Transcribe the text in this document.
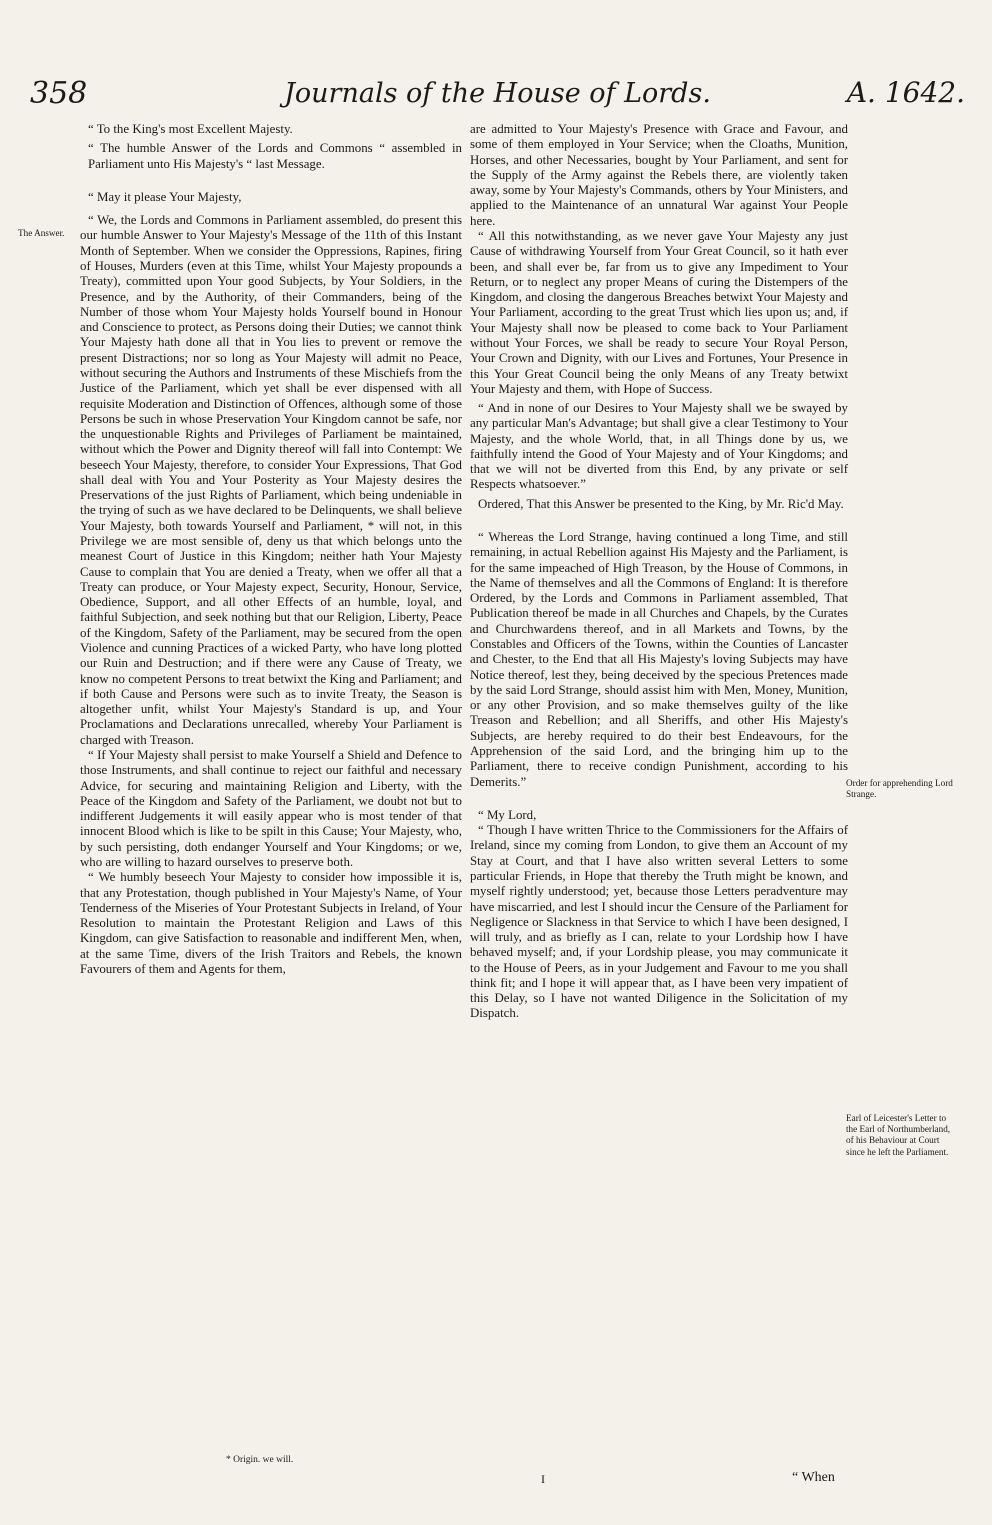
358	Journals of the House of Lords.	A. 1642.
The Answer.
Order for apprehending Lord Strange.
Earl of Leicester's Letter to the Earl of Northumberland, of his Behaviour at Court since he left the Parliament.

“ To the King's most Excellent Majesty.

“ The humble Answer of the Lords and Commons “ assembled in Parliament unto His Majesty's “ last Message.

“ May it please Your Majesty,

“ We, the Lords and Commons in Parliament assembled, do present this our humble Answer to Your Majesty's Message of the 11th of this Instant Month of September. When we consider the Oppressions, Rapines, firing of Houses, Murders (even at this Time, whilst Your Majesty propounds a Treaty), committed upon Your good Subjects, by Your Soldiers, in the Presence, and by the Authority, of their Commanders, being of the Number of those whom Your Majesty holds Yourself bound in Honour and Conscience to protect, as Persons doing their Duties; we cannot think Your Majesty hath done all that in You lies to prevent or remove the present Distractions; nor so long as Your Majesty will admit no Peace, without securing the Authors and Instruments of these Mischiefs from the Justice of the Parliament, which yet shall be ever dispensed with all requisite Moderation and Distinction of Offences, although some of those Persons be such in whose Preservation Your Kingdom cannot be safe, nor the unquestionable Rights and Privileges of Parliament be maintained, without which the Power and Dignity thereof will fall into Contempt: We beseech Your Majesty, therefore, to consider Your Expressions, That God shall deal with You and Your Posterity as Your Majesty desires the Preservations of the just Rights of Parliament, which being undeniable in the trying of such as we have declared to be Delinquents, we shall believe Your Majesty, both towards Yourself and Parliament, * will not, in this Privilege we are most sensible of, deny us that which belongs unto the meanest Court of Justice in this Kingdom; neither hath Your Majesty Cause to complain that You are denied a Treaty, when we offer all that a Treaty can produce, or Your Majesty expect, Security, Honour, Service, Obedience, Support, and all other Effects of an humble, loyal, and faithful Subjection, and seek nothing but that our Religion, Liberty, Peace of the Kingdom, Safety of the Parliament, may be secured from the open Violence and cunning Practices of a wicked Party, who have long plotted our Ruin and Destruction; and if there were any Cause of Treaty, we know no competent Persons to treat betwixt the King and Parliament; and if both Cause and Persons were such as to invite Treaty, the Season is altogether unfit, whilst Your Majesty's Standard is up, and Your Proclamations and Declarations unrecalled, whereby Your Parliament is charged with Treason.

“ If Your Majesty shall persist to make Yourself a Shield and Defence to those Instruments, and shall continue to reject our faithful and necessary Advice, for securing and maintaining Religion and Liberty, with the Peace of the Kingdom and Safety of the Parliament, we doubt not but to indifferent Judgements it will easily appear who is most tender of that innocent Blood which is like to be spilt in this Cause; Your Majesty, who, by such persisting, doth endanger Yourself and Your Kingdoms; or we, who are willing to hazard ourselves to preserve both.

“ We humbly beseech Your Majesty to consider how impossible it is, that any Protestation, though published in Your Majesty's Name, of Your Tenderness of the Miseries of Your Protestant Subjects in Ireland, of Your Resolution to maintain the Protestant Religion and Laws of this Kingdom, can give Satisfaction to reasonable and indifferent Men, when, at the same Time, divers of the Irish Traitors and Rebels, the known Favourers of them and Agents for them,

are admitted to Your Majesty's Presence with Grace and Favour, and some of them employed in Your Service; when the Cloaths, Munition, Horses, and other Necessaries, bought by Your Parliament, and sent for the Supply of the Army against the Rebels there, are violently taken away, some by Your Majesty's Commands, others by Your Ministers, and applied to the Maintenance of an unnatural War against Your People here.

“ All this notwithstanding, as we never gave Your Majesty any just Cause of withdrawing Yourself from Your Great Council, so it hath ever been, and shall ever be, far from us to give any Impediment to Your Return, or to neglect any proper Means of curing the Distempers of the Kingdom, and closing the dangerous Breaches betwixt Your Majesty and Your Parliament, according to the great Trust which lies upon us; and, if Your Majesty shall now be pleased to come back to Your Parliament without Your Forces, we shall be ready to secure Your Royal Person, Your Crown and Dignity, with our Lives and Fortunes, Your Presence in this Your Great Council being the only Means of any Treaty betwixt Your Majesty and them, with Hope of Success.

“ And in none of our Desires to Your Majesty shall we be swayed by any particular Man's Advantage; but shall give a clear Testimony to Your Majesty, and the whole World, that, in all Things done by us, we faithfully intend the Good of Your Majesty and of Your Kingdoms; and that we will not be diverted from this End, by any private or self Respects whatsoever.”

Ordered, That this Answer be presented to the King, by Mr. Ric'd May.

“ Whereas the Lord Strange, having continued a long Time, and still remaining, in actual Rebellion against His Majesty and the Parliament, is for the same impeached of High Treason, by the House of Commons, in the Name of themselves and all the Commons of England: It is therefore Ordered, by the Lords and Commons in Parliament assembled, That Publication thereof be made in all Churches and Chapels, by the Curates and Churchwardens thereof, and in all Markets and Towns, by the Constables and Officers of the Towns, within the Counties of Lancaster and Chester, to the End that all His Majesty's loving Subjects may have Notice thereof, lest they, being deceived by the specious Pretences made by the said Lord Strange, should assist him with Men, Money, Munition, or any other Provision, and so make themselves guilty of the like Treason and Rebellion; and all Sheriffs, and other His Majesty's Subjects, are hereby required to do their best Endeavours, for the Apprehension of the said Lord, and the bringing him up to the Parliament, there to receive condign Punishment, according to his Demerits.”

“ My Lord,

“ Though I have written Thrice to the Commissioners for the Affairs of Ireland, since my coming from London, to give them an Account of my Stay at Court, and that I have also written several Letters to some particular Friends, in Hope that thereby the Truth might be known, and myself rightly understood; yet, because those Letters peradventure may have miscarried, and lest I should incur the Censure of the Parliament for Negligence or Slackness in that Service to which I have been designed, I will truly, and as briefly as I can, relate to your Lordship how I have behaved myself; and, if your Lordship please, you may communicate it to the House of Peers, as in your Judgement and Favour to me you shall think fit; and I hope it will appear that, as I have been very impatient of this Delay, so I have not wanted Diligence in the Solicitation of my Dispatch.

* Origin. we will.
I	“ When
